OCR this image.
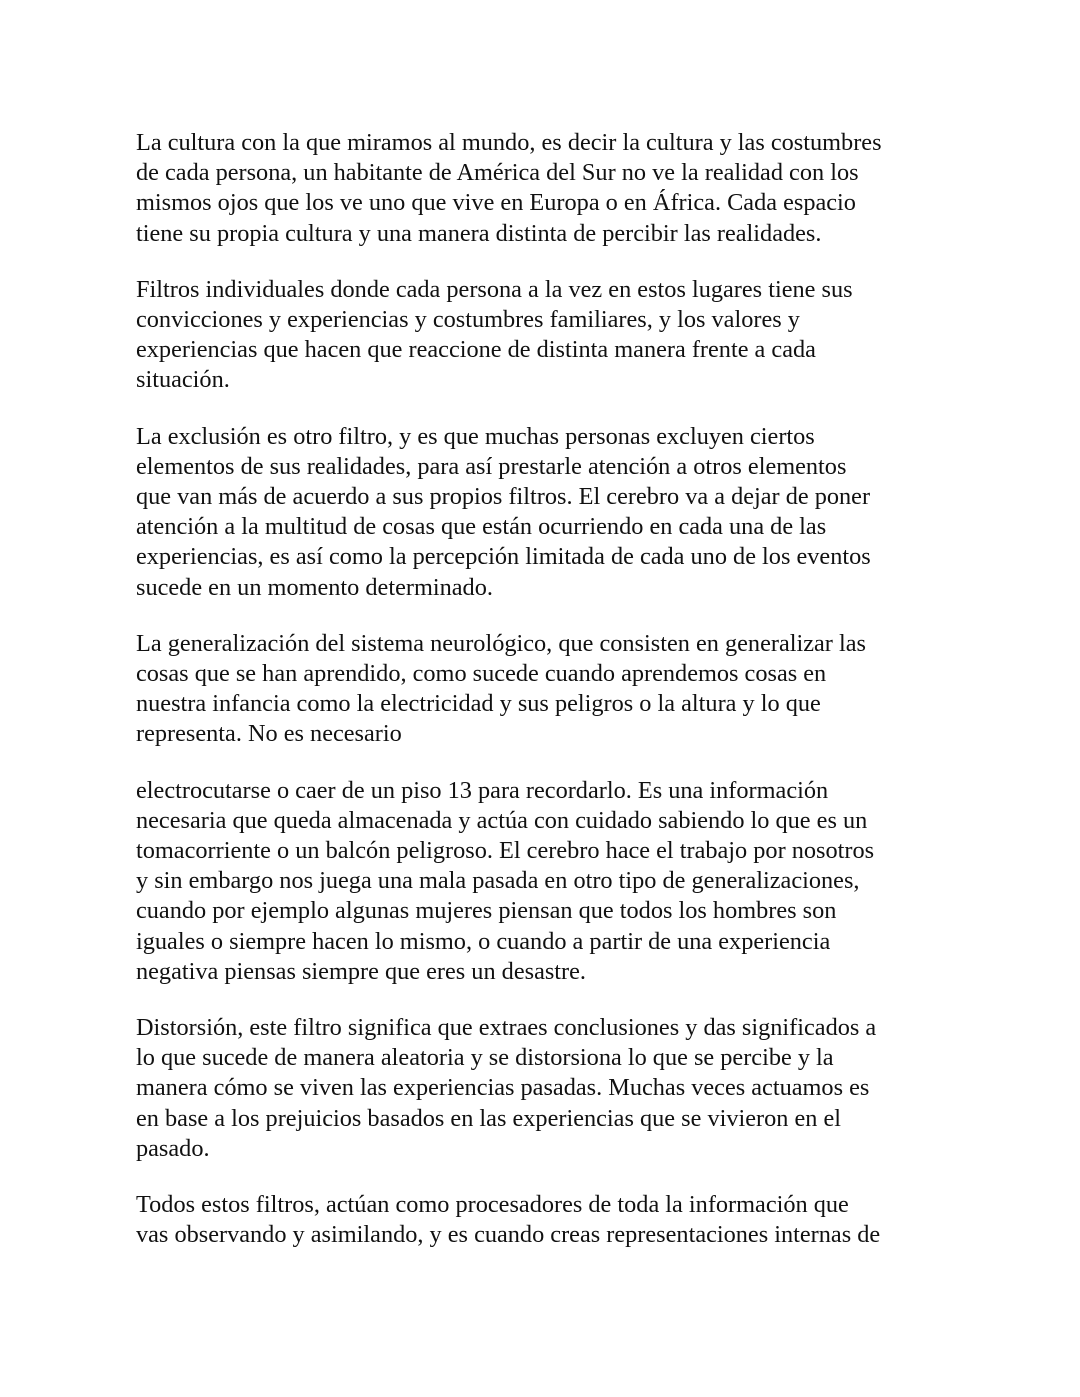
La cultura con la que miramos al mundo, es decir la cultura y las costumbres
de cada persona, un habitante de América del Sur no ve la realidad con los
mismos ojos que los ve uno que vive en Europa o en África. Cada espacio
tiene su propia cultura y una manera distinta de percibir las realidades.

Filtros individuales donde cada persona a la vez en estos lugares tiene sus
convicciones y experiencias y costumbres familiares, y los valores y
experiencias que hacen que reaccione de distinta manera frente a cada
situación.

La exclusión es otro filtro, y es que muchas personas excluyen ciertos
elementos de sus realidades, para así prestarle atención a otros elementos
que van más de acuerdo a sus propios filtros. El cerebro va a dejar de poner
atención a la multitud de cosas que están ocurriendo en cada una de las
experiencias, es así como la percepción limitada de cada uno de los eventos
sucede en un momento determinado.

La generalización del sistema neurológico, que consisten en generalizar las
cosas que se han aprendido, como sucede cuando aprendemos cosas en
nuestra infancia como la electricidad y sus peligros o la altura y lo que
representa. No es necesario

electrocutarse o caer de un piso 13 para recordarlo. Es una información
necesaria que queda almacenada y actúa con cuidado sabiendo lo que es un
tomacorriente o un balcón peligroso. El cerebro hace el trabajo por nosotros
y sin embargo nos juega una mala pasada en otro tipo de generalizaciones,
cuando por ejemplo algunas mujeres piensan que todos los hombres son
iguales o siempre hacen lo mismo, o cuando a partir de una experiencia
negativa piensas siempre que eres un desastre.

Distorsión, este filtro significa que extraes conclusiones y das significados a
lo que sucede de manera aleatoria y se distorsiona lo que se percibe y la
manera cómo se viven las experiencias pasadas. Muchas veces actuamos es
en base a los prejuicios basados en las experiencias que se vivieron en el
pasado.

Todos estos filtros, actúan como procesadores de toda la información que
vas observando y asimilando, y es cuando creas representaciones internas de
